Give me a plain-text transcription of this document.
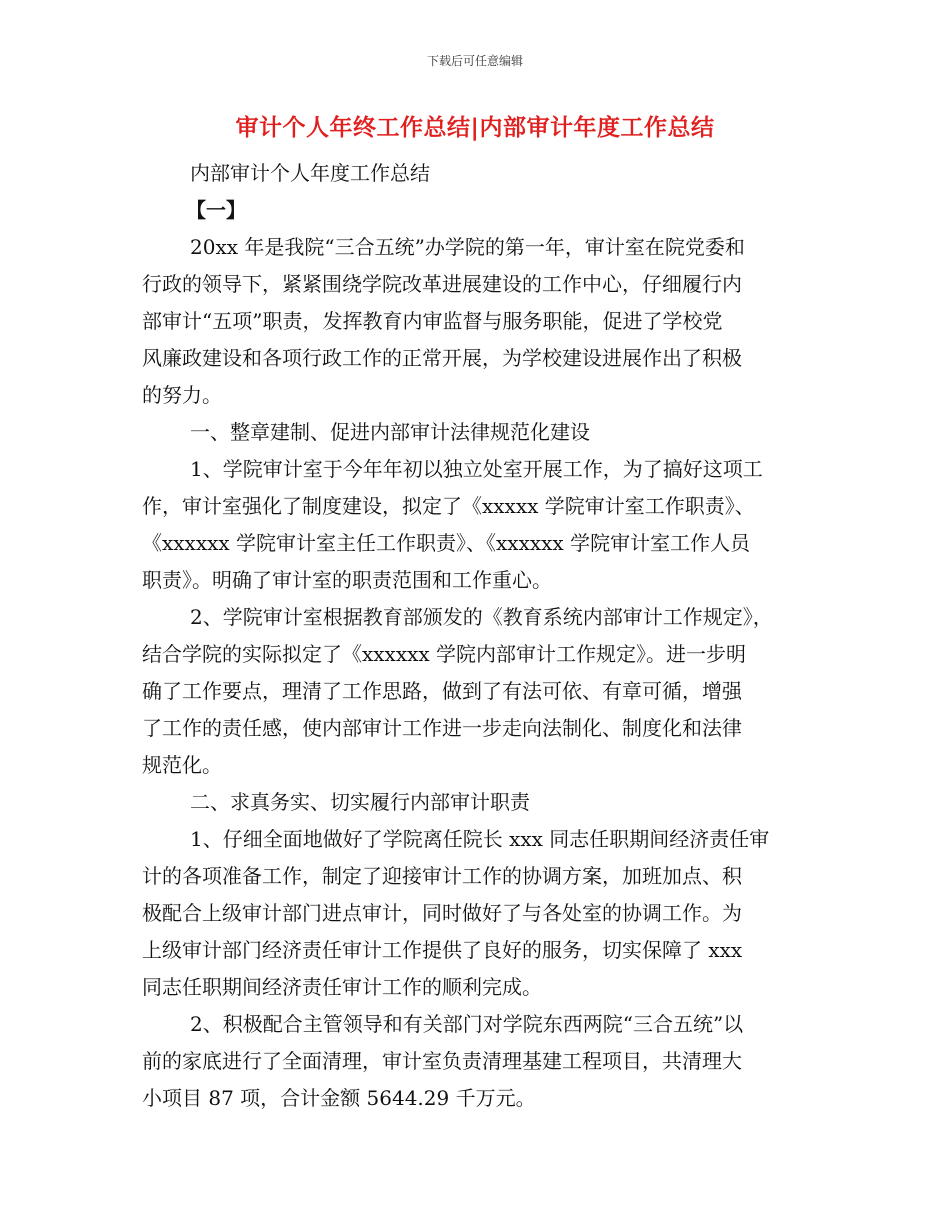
下载后可任意编辑
审计个人年终工作总结|内部审计年度工作总结
内部审计个人年度工作总结
【一】
20xx 年是我院“三合五统”办学院的第一年，审计室在院党委和
行政的领导下，紧紧围绕学院改革进展建设的工作中心，仔细履行内
部审计“五项”职责，发挥教育内审监督与服务职能，促进了学校党
风廉政建设和各项行政工作的正常开展，为学校建设进展作出了积极
的努力。
一、整章建制、促进内部审计法律规范化建设
1、学院审计室于今年年初以独立处室开展工作，为了搞好这项工
作，审计室强化了制度建设，拟定了《xxxxx 学院审计室工作职责》、
《xxxxxx 学院审计室主任工作职责》、《xxxxxx 学院审计室工作人员
职责》。明确了审计室的职责范围和工作重心。
2、学院审计室根据教育部颁发的《教育系统内部审计工作规定》，
结合学院的实际拟定了《xxxxxx 学院内部审计工作规定》。进一步明
确了工作要点，理清了工作思路，做到了有法可依、有章可循，增强
了工作的责任感，使内部审计工作进一步走向法制化、制度化和法律
规范化。
二、求真务实、切实履行内部审计职责
1、仔细全面地做好了学院离任院长 xxx 同志任职期间经济责任审
计的各项准备工作，制定了迎接审计工作的协调方案，加班加点、积
极配合上级审计部门进点审计，同时做好了与各处室的协调工作。为
上级审计部门经济责任审计工作提供了良好的服务，切实保障了 xxx
同志任职期间经济责任审计工作的顺利完成。
2、积极配合主管领导和有关部门对学院东西两院“三合五统”以
前的家底进行了全面清理，审计室负责清理基建工程项目，共清理大
小项目 87 项，合计金额 5644.29 千万元。
